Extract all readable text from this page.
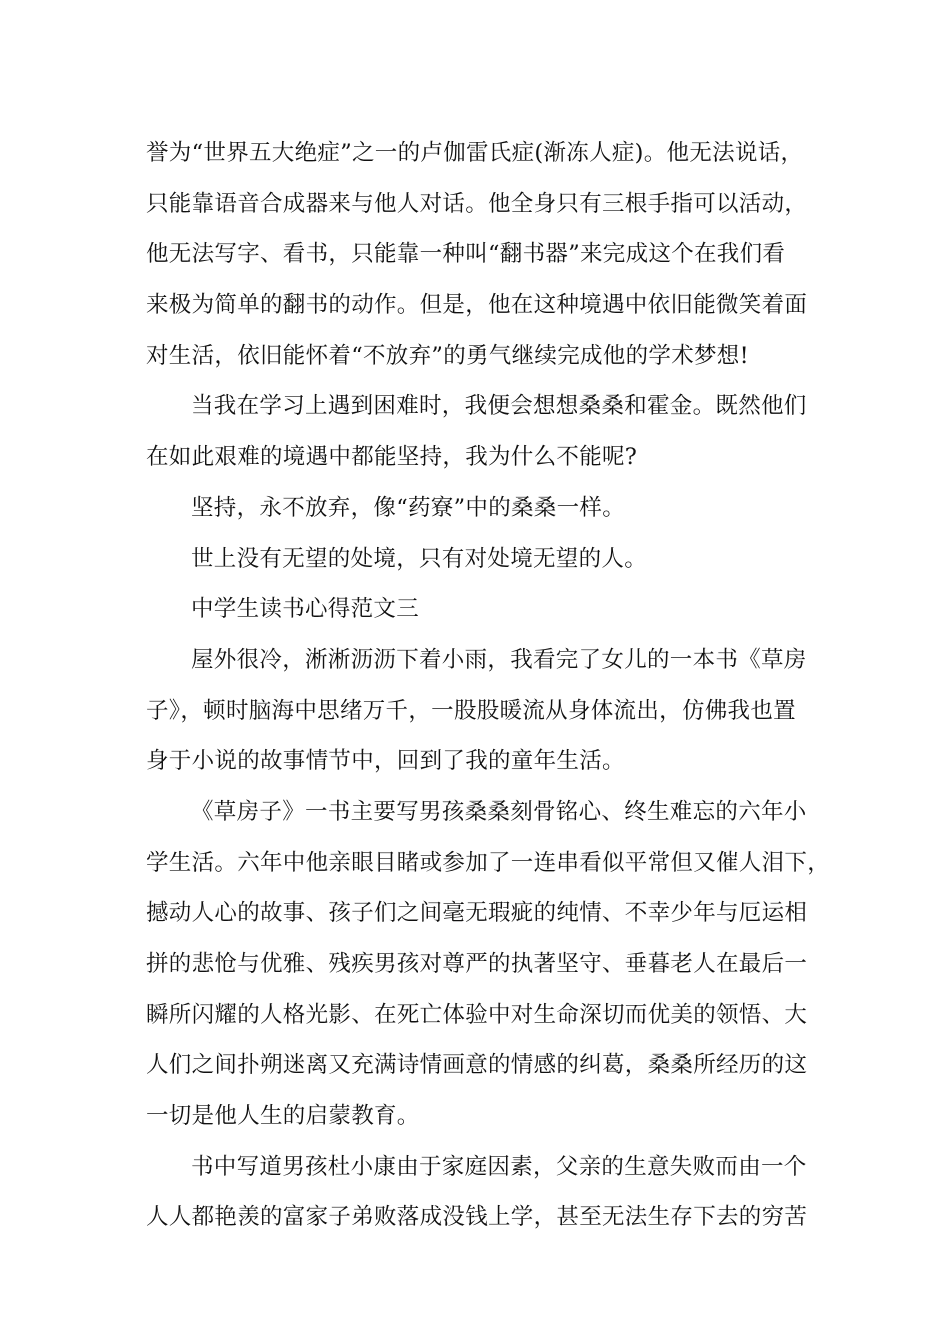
誉为“世界五大绝症”之一的卢伽雷氏症(渐冻人症)。他无法说话，
只能靠语音合成器来与他人对话。他全身只有三根手指可以活动，
他无法写字、看书，只能靠一种叫“翻书器”来完成这个在我们看
来极为简单的翻书的动作。但是，他在这种境遇中依旧能微笑着面
对生活，依旧能怀着“不放弃”的勇气继续完成他的学术梦想!
当我在学习上遇到困难时，我便会想想桑桑和霍金。既然他们
在如此艰难的境遇中都能坚持，我为什么不能呢?
坚持，永不放弃，像“药寮”中的桑桑一样。
世上没有无望的处境，只有对处境无望的人。
中学生读书心得范文三
屋外很冷，淅淅沥沥下着小雨，我看完了女儿的一本书《草房
子》，顿时脑海中思绪万千，一股股暖流从身体流出，仿佛我也置
身于小说的故事情节中，回到了我的童年生活。
《草房子》一书主要写男孩桑桑刻骨铭心、终生难忘的六年小
学生活。六年中他亲眼目睹或参加了一连串看似平常但又催人泪下，
撼动人心的故事、孩子们之间毫无瑕疵的纯情、不幸少年与厄运相
拼的悲怆与优雅、残疾男孩对尊严的执著坚守、垂暮老人在最后一
瞬所闪耀的人格光影、在死亡体验中对生命深切而优美的领悟、大
人们之间扑朔迷离又充满诗情画意的情感的纠葛，桑桑所经历的这
一切是他人生的启蒙教育。
书中写道男孩杜小康由于家庭因素，父亲的生意失败而由一个
人人都艳羡的富家子弟败落成没钱上学，甚至无法生存下去的穷苦
